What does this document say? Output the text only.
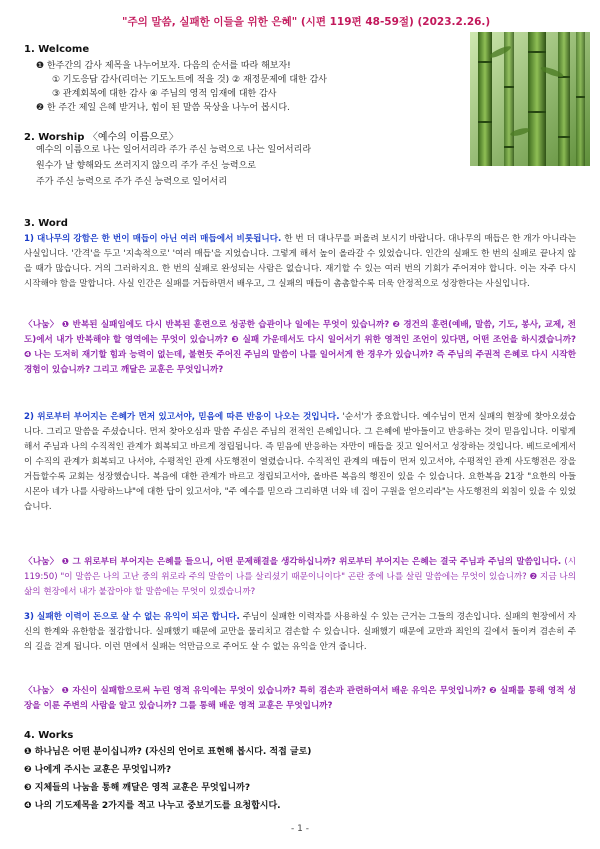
"주의 말씀, 실패한 이들을 위한 은혜" (시편 119편 48-59절) (2023.2.26.)
1. Welcome
❶ 한주간의 감사 제목을 나누어보자. 다음의 순서를 따라 해보자!
① 기도응답 감사(리더는 기도노트에 적을 것) ② 재정문제에 대한 감사
③ 관계회복에 대한 감사 ④ 주님의 영적 임재에 대한 감사
❷ 한 주간 제일 은혜 받거나, 힘이 된 말씀 묵상을 나누어 봅시다.
2. Worship 〈예수의 이름으로〉
예수의 이름으로 나는 일어서리라 주가 주신 능력으로 나는 일어서리라
원수가 날 향해와도 쓰러지지 않으리 주가 주신 능력으로
주가 주신 능력으로 주가 주신 능력으로 일어서리
3. Word
1) 대나무의 강함은 한 번이 매듭이 아닌 여러 매듭에서 비롯됩니다. 한 번 더 대나무를 퍼올려 보시기 바랍니다. 대나무의 매듭은 한 개가 아니라는 사실입니다. '간격'을 두고 '지속적으로' '여러 매듭'을 지었습니다. 그렇게 해서 높이 올라갈 수 있었습니다. 인간의 실패도 한 번의 실패로 끝나지 않을 때가 많습니다. 거의 그러하지요. 한 번의 실패로 완성되는 사람은 없습니다. 재기할 수 있는 여러 번의 기회가 주어져야 합니다. 이는 자주 다시 시작해야 함을 말합니다. 사실 인간은 실패를 거듭하면서 배우고, 그 실패의 매듭이 촘촘할수록 더욱 안정적으로 성장한다는 사실입니다.
〈나눔〉 ❶ 반복된 실패임에도 다시 반복된 훈련으로 성공한 습관이나 일에는 무엇이 있습니까? ❷ 경건의 훈련(예배, 말씀, 기도, 봉사, 교제, 전도)에서 내가 반복해야 할 영역에는 무엇이 있습니까? ❸ 실패 가운데서도 다시 일어서기 위한 영적인 조언이 있다면, 어떤 조언을 하시겠습니까? ❹ 나는 도저히 재기할 힘과 능력이 없는데, 불현듯 주어진 주님의 말씀이 나를 일어서게 한 경우가 있습니까? 즉 주님의 주권적 은혜로 다시 시작한 경험이 있습니까? 그리고 깨달은 교훈은 무엇입니까?
2) 위로부터 부어지는 은혜가 먼저 있고서야, 믿음에 따른 반응이 나오는 것입니다. '순서'가 중요합니다. 예수님이 먼저 실패의 현장에 찾아오셨습니다. 그리고 말씀을 주셨습니다. 먼저 찾아오심과 말씀 주심은 주님의 전적인 은혜입니다. 그 은혜에 받아들이고 반응하는 것이 믿음입니다. 이렇게 해서 주님과 나의 수직적인 관계가 회복되고 바르게 정립됩니다. 즉 믿음에 반응하는 자만이 매듭을 짓고 일어서고 성장하는 것입니다. 베드로에게서 이 수직의 관계가 회복되고 나서야, 수평적인 관계 사도행전이 열렸습니다. 수직적인 관계의 매듭이 먼저 있고서야, 수평적인 관계 사도행전은 장을 거듭할수록 교회는 성장했습니다. 복음에 대한 관계가 바르고 정립되고서야, 올바른 복음의 행진이 있을 수 있습니다. 요한복음 21장 "요한의 아들 시몬아 네가 나를 사랑하느냐"에 대한 답이 있고서야, "주 예수를 믿으라 그리하면 너와 네 집이 구원을 얻으리라"는 사도행전의 외침이 있을 수 있었습니다.
〈나눔〉 ❶ 그 위로부터 부어지는 은혜를 들으니, 어떤 문제해결을 생각하십니까? 위로부터 부어지는 은혜는 결국 주님과 주님의 말씀입니다. (시 119:50) "이 말씀은 나의 고난 중의 위로라 주의 말씀이 나를 살리셨기 때문이니이다" 곤란 중에 나를 살린 말씀에는 무엇이 있습니까? ❷ 지금 나의 삶의 현장에서 내가 붙잡아야 할 말씀에는 무엇이 있겠습니까?
3) 실패한 이력이 돈으로 살 수 없는 유익이 되곤 합니다. 주님이 실패한 이력자를 사용하실 수 있는 근거는 그들의 경손입니다. 실패의 현장에서 자신의 한계와 유한함을 절감합니다. 실패했기 때문에 교만을 물리치고 겸손할 수 있습니다. 실패했기 때문에 교만과 죄인의 길에서 돌이켜 겸손히 주의 길을 걷게 됩니다. 이런 면에서 실패는 억만금으로 주어도 살 수 없는 유익을 안겨 줍니다.
〈나눔〉 ❶ 자신이 실패함으로써 누린 영적 유익에는 무엇이 있습니까? 특히 겸손과 관련하여서 배운 유익은 무엇입니까? ❷ 실패를 통해 영적 성장을 이룬 주변의 사람을 알고 있습니까? 그를 통해 배운 영적 교훈은 무엇입니까?
4. Works
❶ 하나님은 어떤 분이십니까? (자신의 언어로 표현해 봅시다. 적접 글로)
❷ 나에게 주시는 교훈은 무엇입니까?
❸ 지체들의 나눔을 통해 깨달은 영적 교훈은 무엇입니까?
❹ 나의 기도제목을 2가지를 적고 나누고 중보기도를 요청합시다.
- 1 -
